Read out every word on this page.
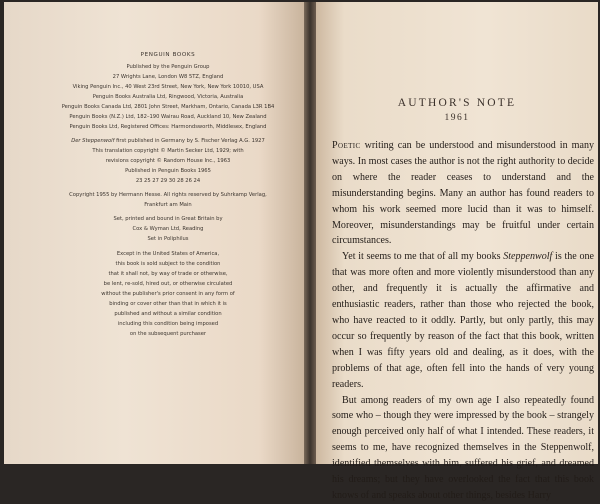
PENGUIN BOOKS

Published by the Penguin Group

27 Wrights Lane, London W8 5TZ, England

Viking Penguin Inc., 40 West 23rd Street, New York, New York 10010, USA

Penguin Books Australia Ltd, Ringwood, Victoria, Australia

Penguin Books Canada Ltd, 2801 John Street, Markham, Ontario, Canada L3R 1B4

Penguin Books (N.Z.) Ltd, 182–190 Wairau Road, Auckland 10, New Zealand

Penguin Books Ltd, Registered Offices: Harmondsworth, Middlesex, England

Der Steppenwolf first published in Germany by S. Fischer Verlag A.G. 1927

This translation copyright © Martin Secker Ltd, 1929; with

revisions copyright © Random House Inc., 1963

Published in Penguin Books 1965

23 25 27 29 30 28 26 24

Copyright 1955 by Hermann Hesse. All rights reserved by Suhrkamp Verlag,

Frankfurt am Main

Set, printed and bound in Great Britain by

Cox & Wyman Ltd, Reading

Set in Poliphilus

Except in the United States of America,

this book is sold subject to the condition

that it shall not, by way of trade or otherwise,

be lent, re-sold, hired out, or otherwise circulated

without the publisher's prior consent in any form of

binding or cover other than that in which it is

published and without a similar condition

including this condition being imposed

on the subsequent purchaser

AUTHOR'S NOTE
1961

Poetic writing can be understood and misunderstood in many ways. In most cases the author is not the right authority to decide on where the reader ceases to understand and the misunderstanding begins. Many an author has found readers to whom his work seemed more lucid than it was to himself. Moreover, misunderstandings may be fruitful under certain circumstances.

Yet it seems to me that of all my books Steppenwolf is the one that was more often and more violently misunderstood than any other, and frequently it is actually the affirmative and enthusiastic readers, rather than those who rejected the book, who have reacted to it oddly. Partly, but only partly, this may occur so frequently by reason of the fact that this book, written when I was fifty years old and dealing, as it does, with the problems of that age, often fell into the hands of very young readers.

But among readers of my own age I also repeatedly found some who – though they were impressed by the book – strangely enough perceived only half of what I intended. These readers, it seems to me, have recognized themselves in the Steppenwolf, identified themselves with him, suffered his grief, and dreamed his dreams; but they have overlooked the fact that this book knows of and speaks about other things, besides Harry
